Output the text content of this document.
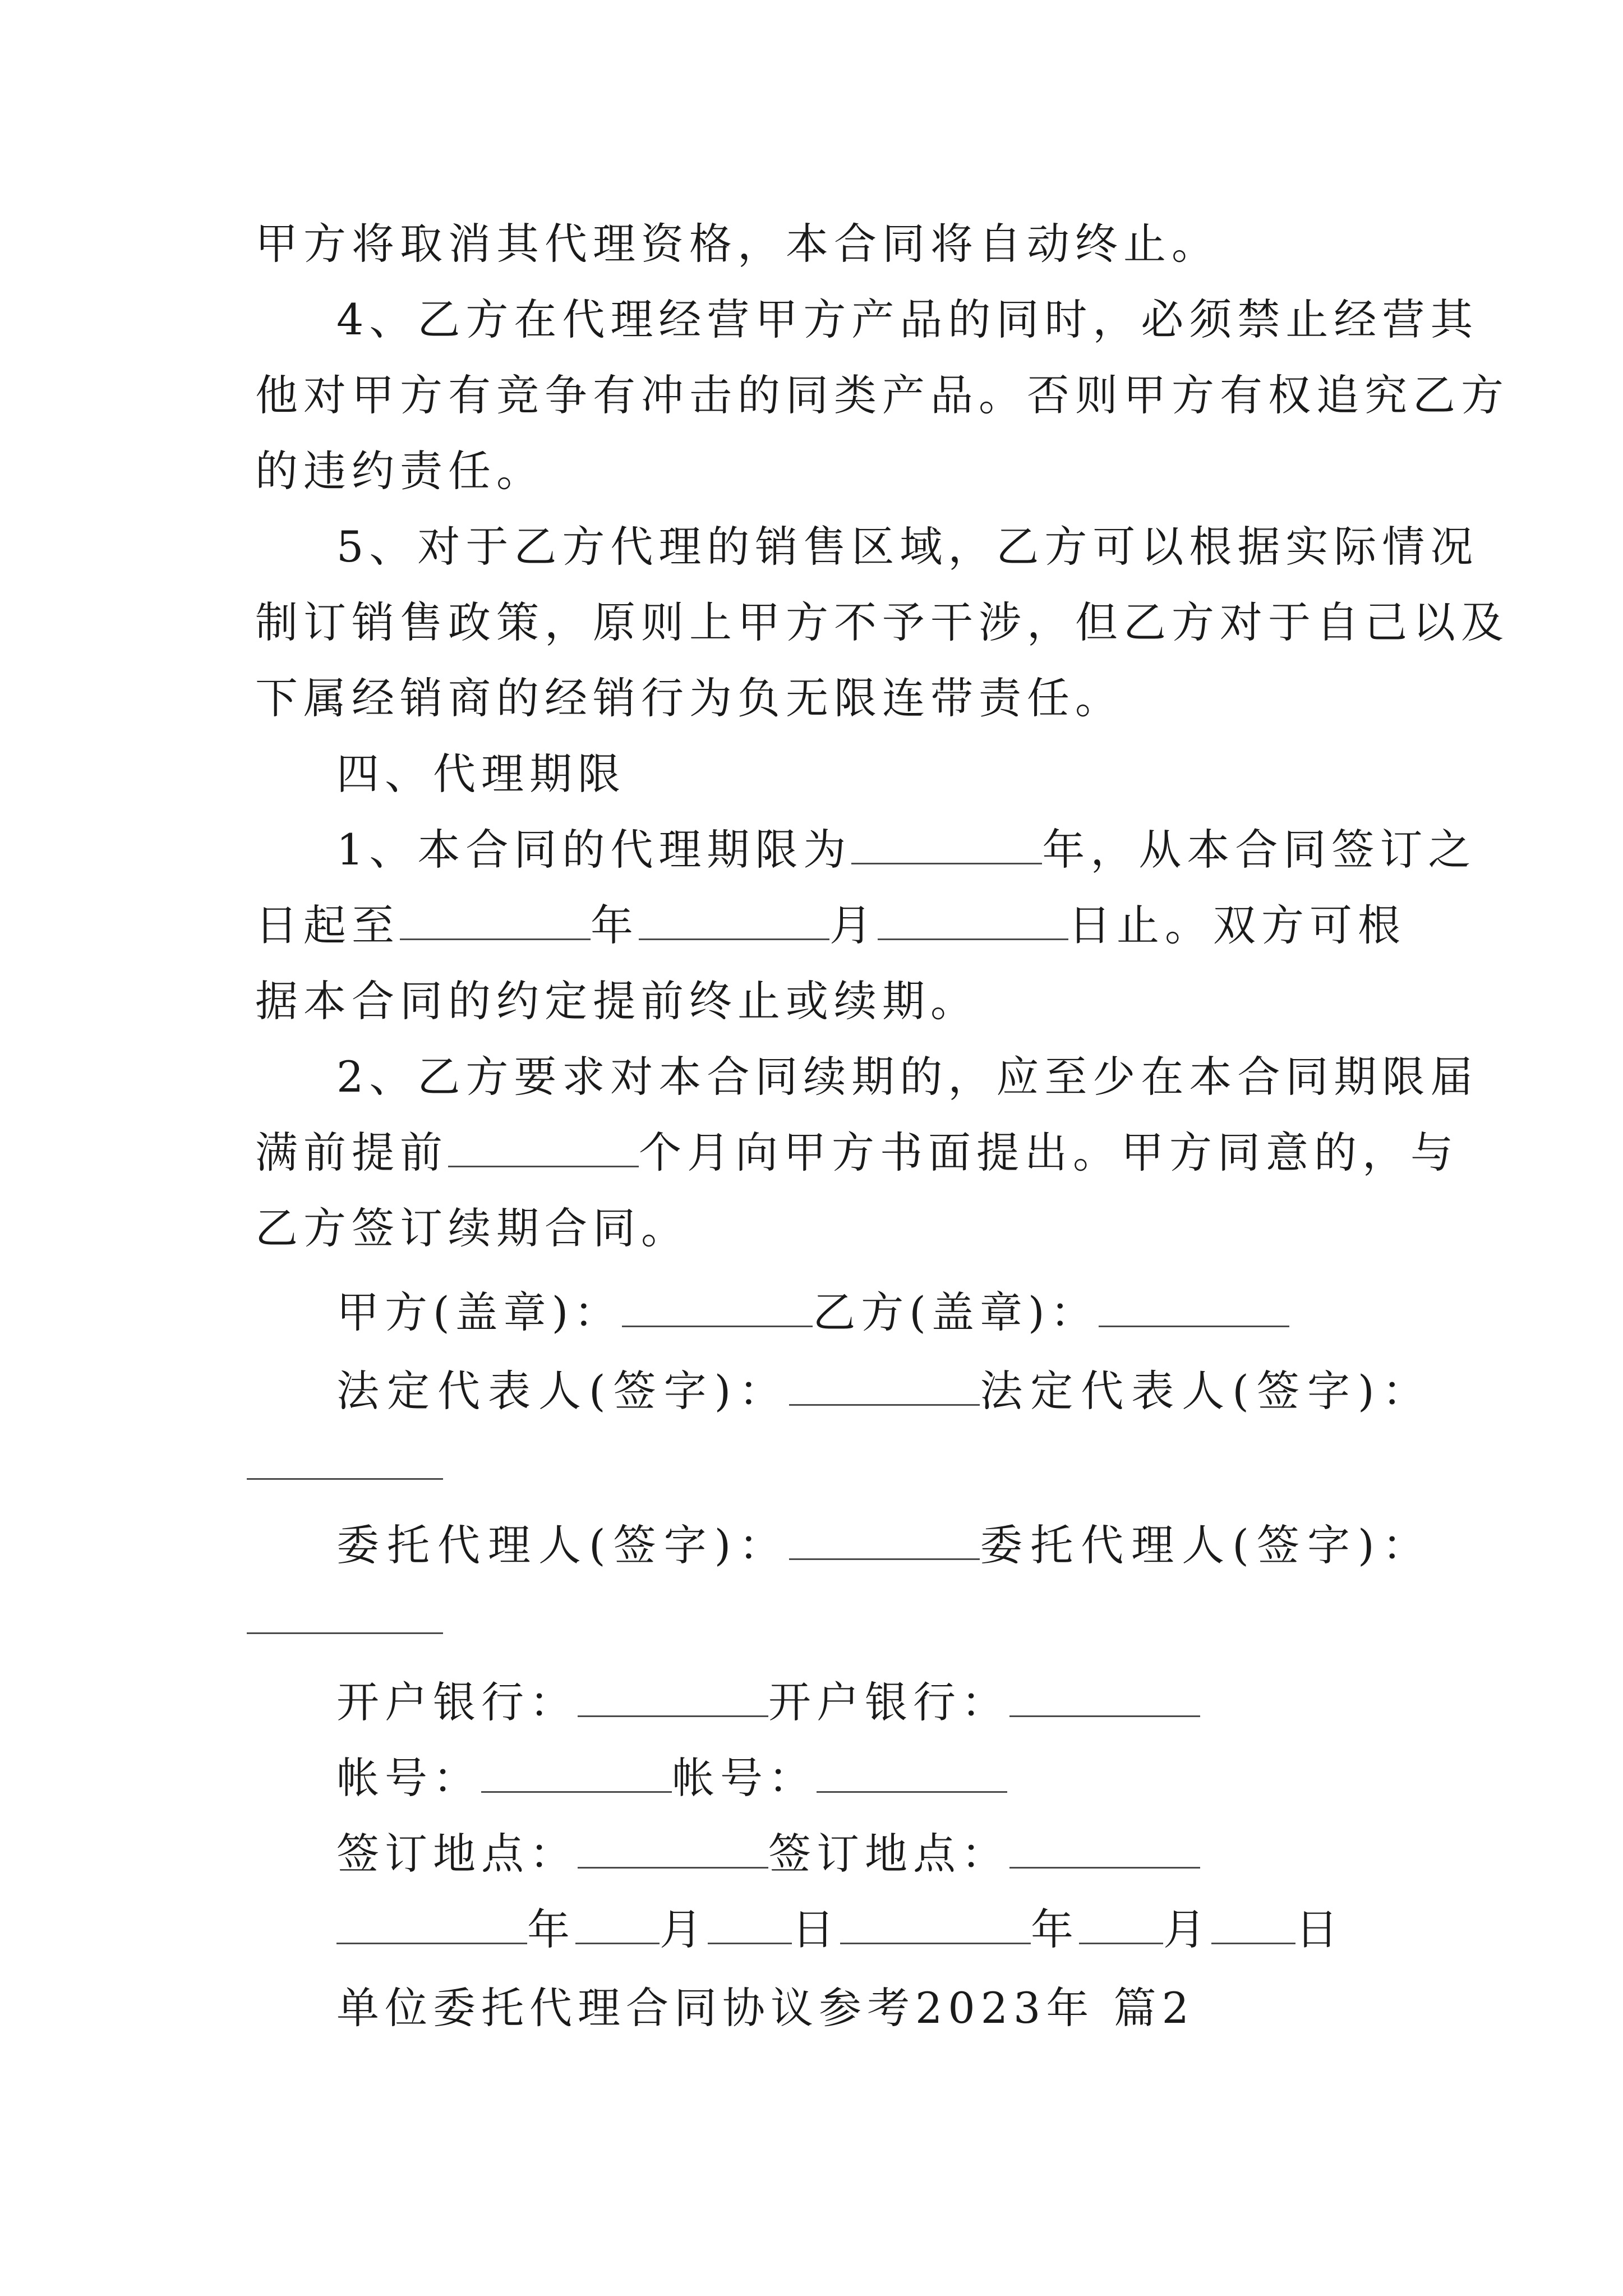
甲方将取消其代理资格，本合同将自动终止。
4、乙方在代理经营甲方产品的同时，必须禁止经营其
他对甲方有竞争有冲击的同类产品。否则甲方有权追究乙方
的违约责任。
5、对于乙方代理的销售区域，乙方可以根据实际情况
制订销售政策，原则上甲方不予干涉，但乙方对于自己以及
下属经销商的经销行为负无限连带责任。
四、代理期限
1、本合同的代理期限为	年，从本合同签订之
日起至	年	月	日止。双方可根
据本合同的约定提前终止或续期。
2、乙方要求对本合同续期的，应至少在本合同期限届
满前提前	个月向甲方书面提出。甲方同意的，与
乙方签订续期合同。
甲方(盖章)：	乙方(盖章)：
法定代表人(签字)：	法定代表人(签字)：
委托代理人(签字)：	委托代理人(签字)：
开户银行：	开户银行：
帐号：	帐号：
签订地点：	签订地点：
年 月 日	年 月 日
单位委托代理合同协议参考2023年 篇2
